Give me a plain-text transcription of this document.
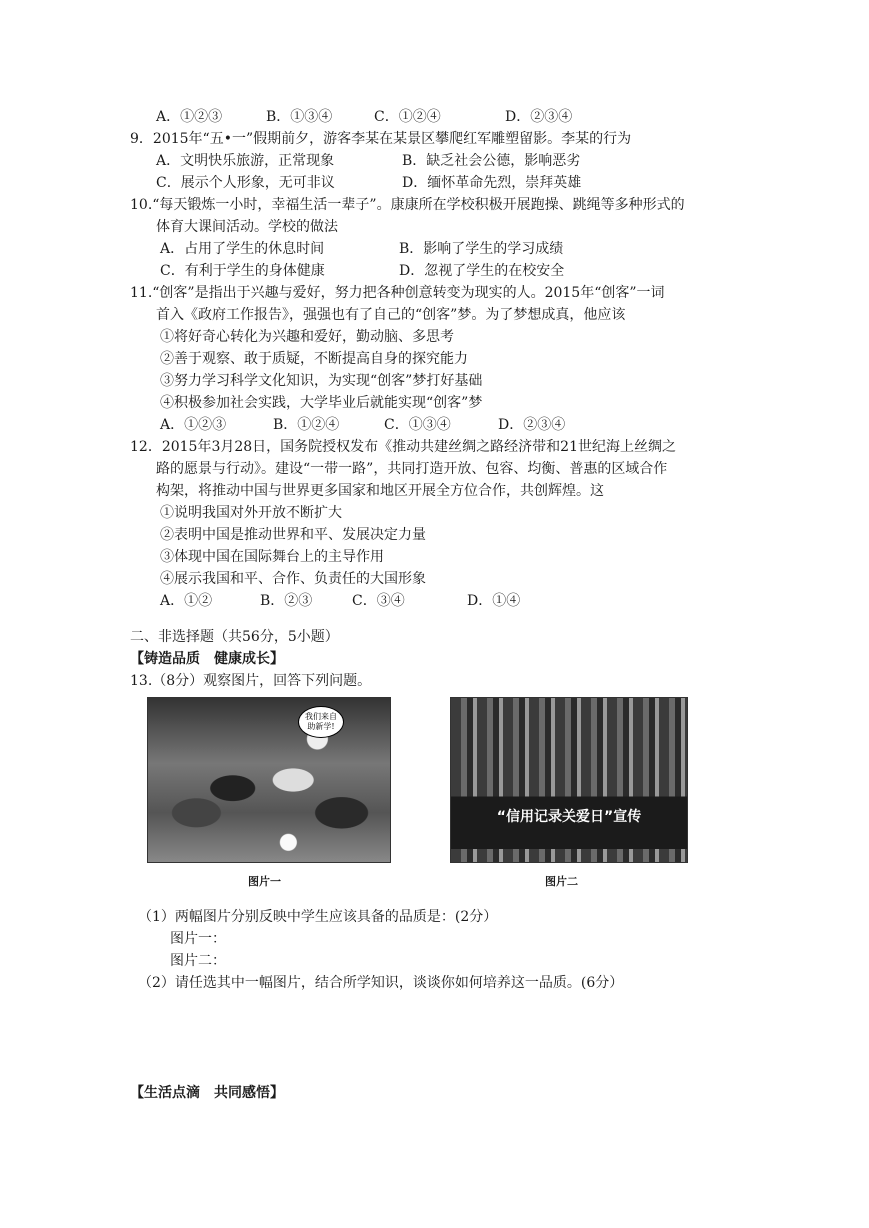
A．①②③	B．①③④	C．①②④	D．②③④
9．2015年“五•一”假期前夕，游客李某在某景区攀爬红军雕塑留影。李某的行为
A．文明快乐旅游，正常现象	B．缺乏社会公德，影响恶劣
C．展示个人形象，无可非议	D．缅怀革命先烈，崇拜英雄
10.“每天锻炼一小时，幸福生活一辈子”。康康所在学校积极开展跑操、跳绳等多种形式的
体育大课间活动。学校的做法
A．占用了学生的休息时间	B．影响了学生的学习成绩
C．有利于学生的身体健康	D．忽视了学生的在校安全
11.“创客”是指出于兴趣与爱好，努力把各种创意转变为现实的人。2015年“创客”一词
首入《政府工作报告》，强强也有了自己的“创客”梦。为了梦想成真，他应该
①将好奇心转化为兴趣和爱好，勤动脑、多思考
②善于观察、敢于质疑，不断提高自身的探究能力
③努力学习科学文化知识，为实现“创客”梦打好基础
④积极参加社会实践，大学毕业后就能实现“创客”梦
A．①②③	B．①②④	C．①③④	D．②③④
12．2015年3月28日，国务院授权发布《推动共建丝绸之路经济带和21世纪海上丝绸之
路的愿景与行动》。建设“一带一路”，共同打造开放、包容、均衡、普惠的区域合作
构架，将推动中国与世界更多国家和地区开展全方位合作，共创辉煌。这
①说明我国对外开放不断扩大
②表明中国是推动世界和平、发展决定力量
③体现中国在国际舞台上的主导作用
④展示我国和平、合作、负责任的大国形象
A．①②	B．②③	C．③④	D．①④
二、非选择题（共56分，5小题）
【铸造品质　健康成长】
13.（8分）观察图片，回答下列问题。
我们来自
助新学!
图片一
“信用记录关爱日”宣传
图片二
（1）两幅图片分别反映中学生应该具备的品质是：(2分）
图片一：
图片二：
（2）请任选其中一幅图片，结合所学知识，谈谈你如何培养这一品质。(6分）
【生活点滴　共同感悟】
